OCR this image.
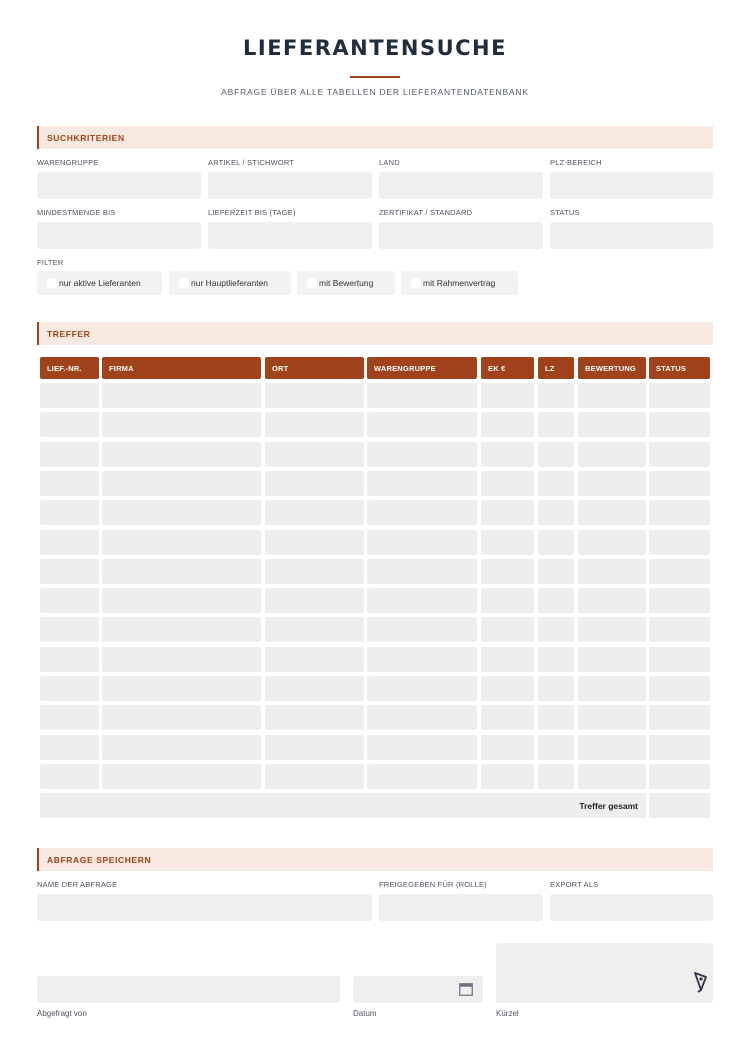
LIEFERANTENSUCHE
ABFRAGE ÜBER ALLE TABELLEN DER LIEFERANTENDATENBANK
SUCHKRITERIEN
WARENGRUPPE	ARTIKEL / STICHWORT	LAND	PLZ-BEREICH
MINDESTMENGE BIS	LIEFERZEIT BIS (TAGE)	ZERTIFIKAT / STANDARD	STATUS
FILTER
nur aktive Lieferanten	nur Hauptlieferanten	mit Bewertung	mit Rahmenvertrag
TREFFER
LIEF.-NR.	FIRMA	ORT	WARENGRUPPE	EK €	LZ	BEWERTUNG	STATUS
Treffer gesamt
ABFRAGE SPEICHERN
NAME DER ABFRAGE	FREIGEGEBEN FÜR (ROLLE)	EXPORT ALS
Abgefragt von	Datum	Kürzel
